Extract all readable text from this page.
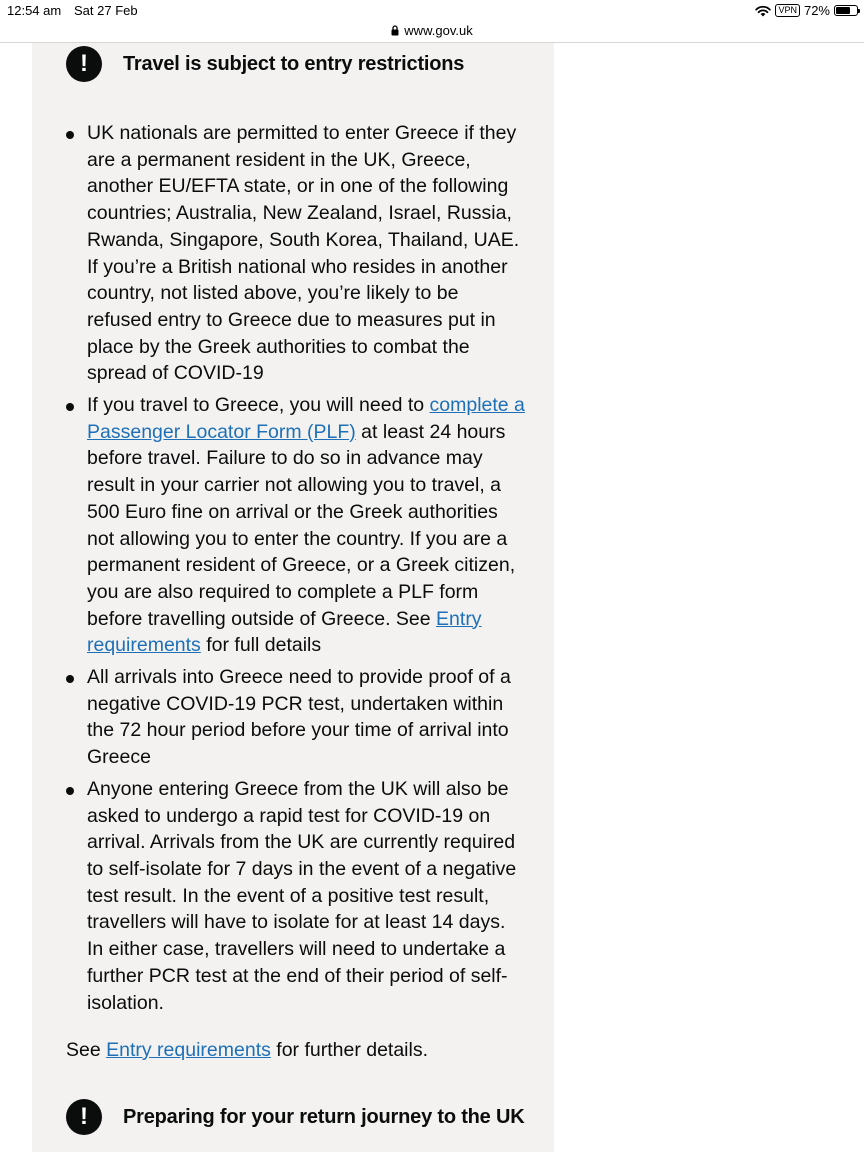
12:54 am Sat 27 Feb	VPN 72%
www.gov.uk
!	Travel is subject to entry restrictions
UK nationals are permitted to enter Greece if they are a permanent resident in the UK, Greece, another EU/EFTA state, or in one of the following countries; Australia, New Zealand, Israel, Russia, Rwanda, Singapore, South Korea, Thailand, UAE. If you’re a British national who resides in another country, not listed above, you’re likely to be refused entry to Greece due to measures put in place by the Greek authorities to combat the spread of COVID-19
If you travel to Greece, you will need to complete a Passenger Locator Form (PLF) at least 24 hours before travel. Failure to do so in advance may result in your carrier not allowing you to travel, a 500 Euro fine on arrival or the Greek authorities not allowing you to enter the country. If you are a permanent resident of Greece, or a Greek citizen, you are also required to complete a PLF form before travelling outside of Greece. See Entry requirements for full details
All arrivals into Greece need to provide proof of a negative COVID-19 PCR test, undertaken within the 72 hour period before your time of arrival into Greece
Anyone entering Greece from the UK will also be asked to undergo a rapid test for COVID-19 on arrival. Arrivals from the UK are currently required to self-isolate for 7 days in the event of a negative test result. In the event of a positive test result, travellers will have to isolate for at least 14 days. In either case, travellers will need to undertake a further PCR test at the end of their period of self-isolation.

See Entry requirements for further details.

!	Preparing for your return journey to the UK
